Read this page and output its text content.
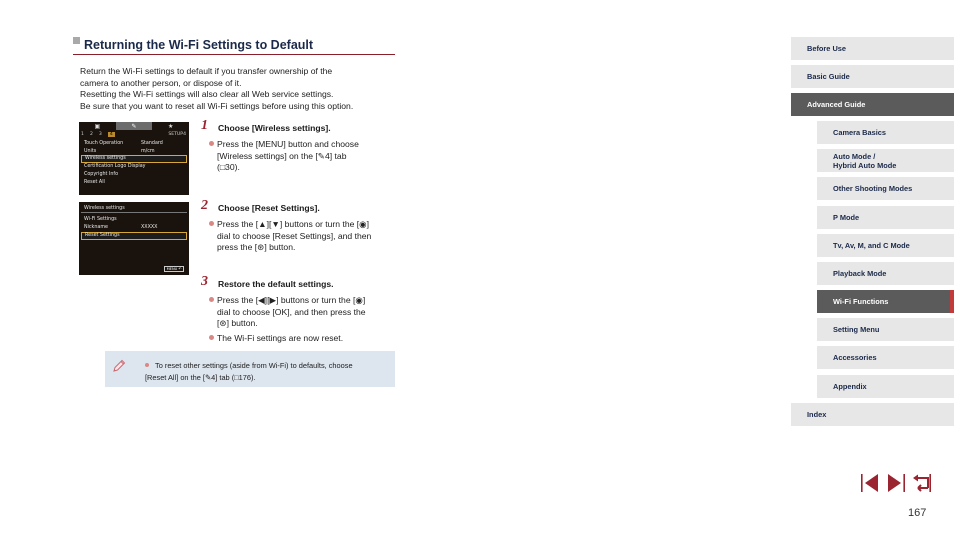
Returning the Wi-Fi Settings to Default

Return the Wi-Fi settings to default if you transfer ownership of the

camera to another person, or dispose of it.

Resetting the Wi-Fi settings will also clear all Web service settings.

Be sure that you want to reset all Wi-Fi settings before using this option.

▣	✎	★
1 2 3	4	SETUP4
Touch Operation	Standard
Units	m/cm
Wireless settings
Certification Logo Display
Copyright Info
Reset All
Wireless settings
Wi-Fi Settings
Nickname	XXXXX
Reset Settings
MENU ↶
1 Choose [Wireless settings].
Press the [MENU] button and choose
[Wireless settings] on the [✎4] tab
(□30).
2 Choose [Reset Settings].
Press the [▲][▼] buttons or turn the [◉]
dial to choose [Reset Settings], and then
press the [⊛] button.
3 Restore the default settings.
Press the [◀][▶] buttons or turn the [◉]
dial to choose [OK], and then press the
[⊛] button.
The Wi-Fi settings are now reset.
To reset other settings (aside from Wi-Fi) to defaults, choose
[Reset All] on the [✎4] tab (□176).
Before Use
Basic Guide
Advanced Guide
Camera Basics
Auto Mode /
Hybrid Auto Mode
Other Shooting Modes
P Mode
Tv, Av, M, and C Mode
Playback Mode
Wi-Fi Functions
Setting Menu
Accessories
Appendix
Index
167
